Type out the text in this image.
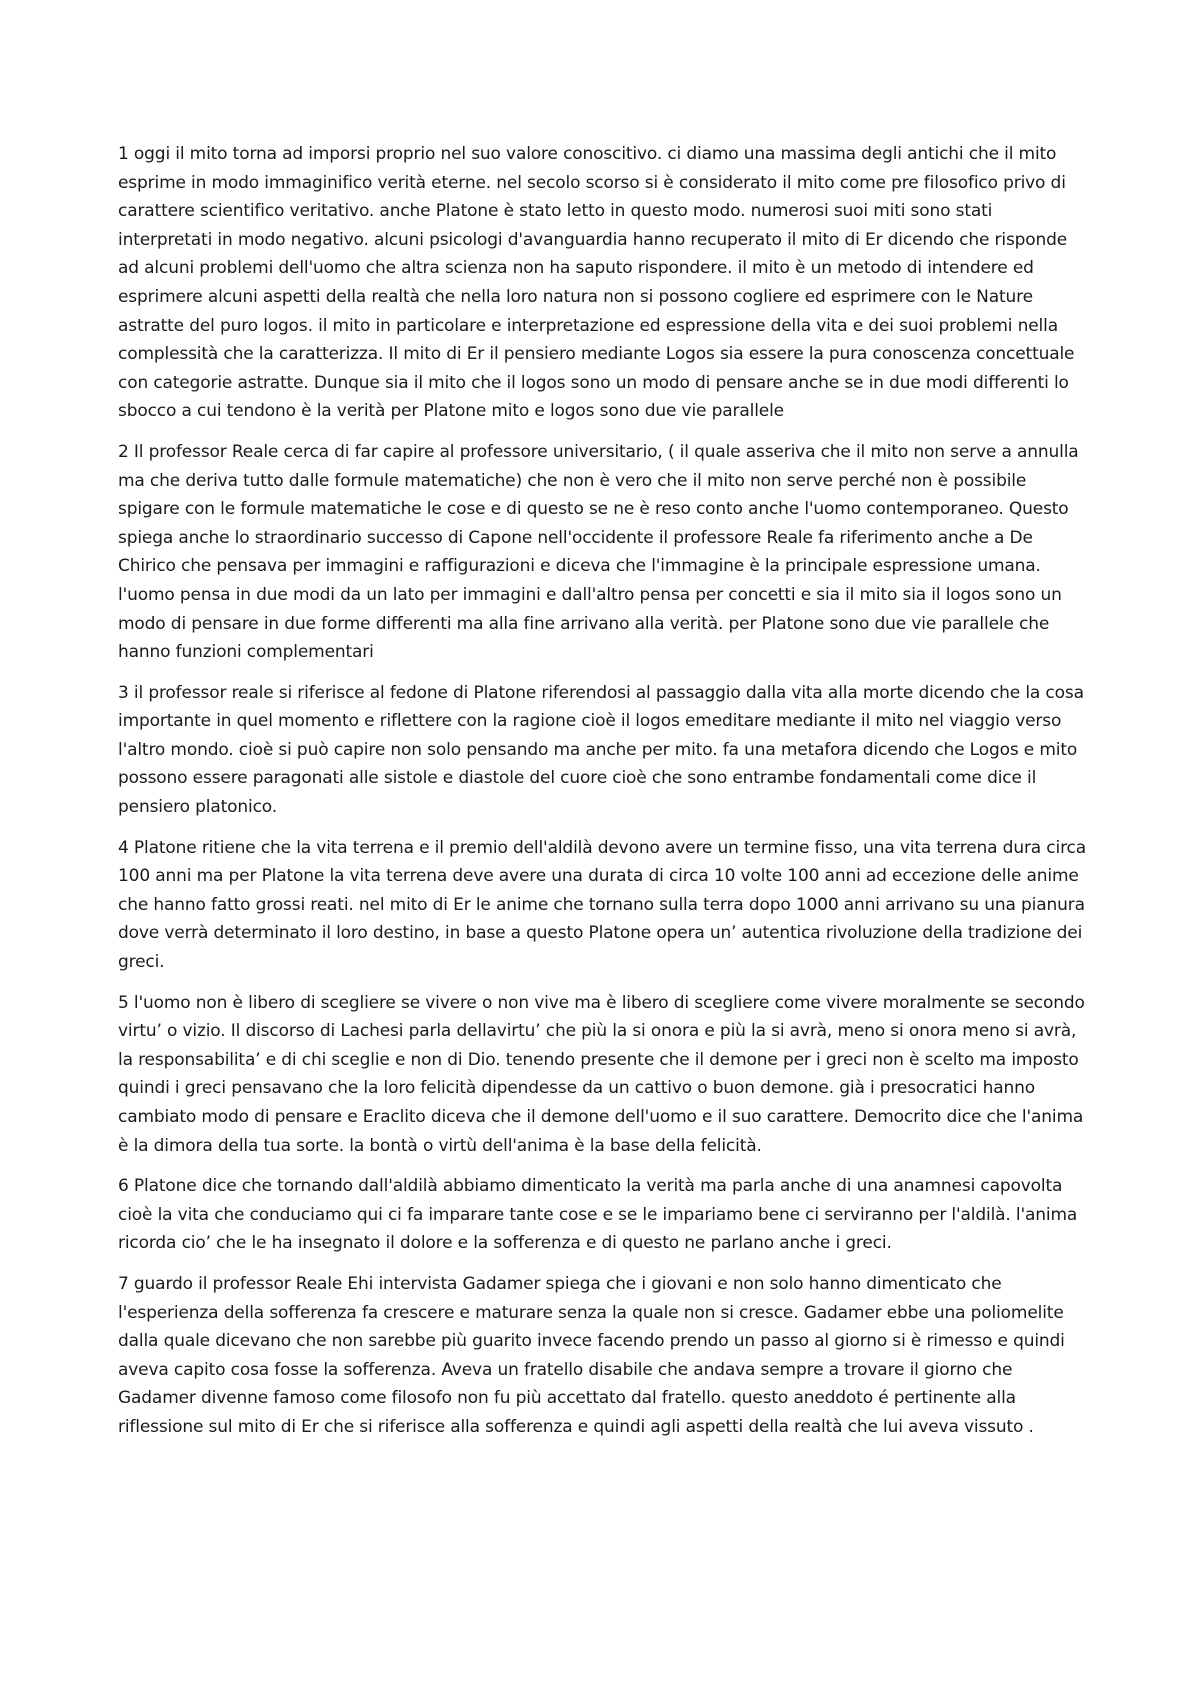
1 oggi il mito torna ad imporsi proprio nel suo valore conoscitivo. ci diamo una massima degli antichi che il mito esprime in modo immaginifico verità eterne. nel secolo scorso si è considerato il mito come pre filosofico privo di carattere scientifico veritativo. anche Platone è stato letto in questo modo. numerosi suoi miti sono stati interpretati in modo negativo. alcuni psicologi d'avanguardia hanno recuperato il mito di Er dicendo che risponde ad alcuni problemi dell'uomo che altra scienza non ha saputo rispondere. il mito è un metodo di intendere ed esprimere alcuni aspetti della realtà che nella loro natura non si possono cogliere ed esprimere con le Nature astratte del puro logos. il mito in particolare e interpretazione ed espressione della vita e dei suoi problemi nella complessità che la caratterizza. Il mito di Er il pensiero mediante Logos sia essere la pura conoscenza concettuale con categorie astratte. Dunque sia il mito che il logos sono un modo di pensare anche se in due modi differenti lo sbocco a cui tendono è la verità per Platone mito e logos sono due vie parallele

2 Il professor Reale cerca di far capire al professore universitario, ( il quale asseriva che il mito non serve a annulla ma che deriva tutto dalle formule matematiche) che non è vero che il mito non serve perché non è possibile spigare con le formule matematiche le cose e di questo se ne è reso conto anche l'uomo contemporaneo. Questo spiega anche lo straordinario successo di Capone nell'occidente il professore Reale fa riferimento anche a De Chirico che pensava per immagini e raffigurazioni e diceva che l'immagine è la principale espressione umana. l'uomo pensa in due modi da un lato per immagini e dall'altro pensa per concetti e sia il mito sia il logos sono un modo di pensare in due forme differenti ma alla fine arrivano alla verità. per Platone sono due vie parallele che hanno funzioni complementari

3 il professor reale si riferisce al fedone di Platone riferendosi al passaggio dalla vita alla morte dicendo che la cosa importante in quel momento e riflettere con la ragione cioè il logos emeditare mediante il mito nel viaggio verso l'altro mondo. cioè si può capire non solo pensando ma anche per mito. fa una metafora dicendo che Logos e mito possono essere paragonati alle sistole e diastole del cuore cioè che sono entrambe fondamentali come dice il pensiero platonico.

4 Platone ritiene che la vita terrena e il premio dell'aldilà devono avere un termine fisso, una vita terrena dura circa 100 anni ma per Platone la vita terrena deve avere una durata di circa 10 volte 100 anni ad eccezione delle anime che hanno fatto grossi reati. nel mito di Er le anime che tornano sulla terra dopo 1000 anni arrivano su una pianura dove verrà determinato il loro destino, in base a questo Platone opera un’ autentica rivoluzione della tradizione dei greci.

5 l'uomo non è libero di scegliere se vivere o non vive ma è libero di scegliere come vivere moralmente se secondo virtu’ o vizio. Il discorso di Lachesi parla dellavirtu’ che più la si onora e più la si avrà, meno si onora meno si avrà, la responsabilita’ e di chi sceglie e non di Dio. tenendo presente che il demone per i greci non è scelto ma imposto quindi i greci pensavano che la loro felicità dipendesse da un cattivo o buon demone. già i presocratici hanno cambiato modo di pensare e Eraclito diceva che il demone dell'uomo e il suo carattere. Democrito dice che l'anima è la dimora della tua sorte. la bontà o virtù dell'anima è la base della felicità.

6 Platone dice che tornando dall'aldilà abbiamo dimenticato la verità ma parla anche di una anamnesi capovolta cioè la vita che conduciamo qui ci fa imparare tante cose e se le impariamo bene ci serviranno per l'aldilà. l'anima ricorda cio’ che le ha insegnato il dolore e la sofferenza e di questo ne parlano anche i greci.

7 guardo il professor Reale Ehi intervista Gadamer spiega che i giovani e non solo hanno dimenticato che l'esperienza della sofferenza fa crescere e maturare senza la quale non si cresce. Gadamer ebbe una poliomelite dalla quale dicevano che non sarebbe più guarito invece facendo prendo un passo al giorno si è rimesso e quindi aveva capito cosa fosse la sofferenza. Aveva un fratello disabile che andava sempre a trovare il giorno che Gadamer divenne famoso come filosofo non fu più accettato dal fratello. questo aneddoto é pertinente alla riflessione sul mito di Er che si riferisce alla sofferenza e quindi agli aspetti della realtà che lui aveva vissuto .
